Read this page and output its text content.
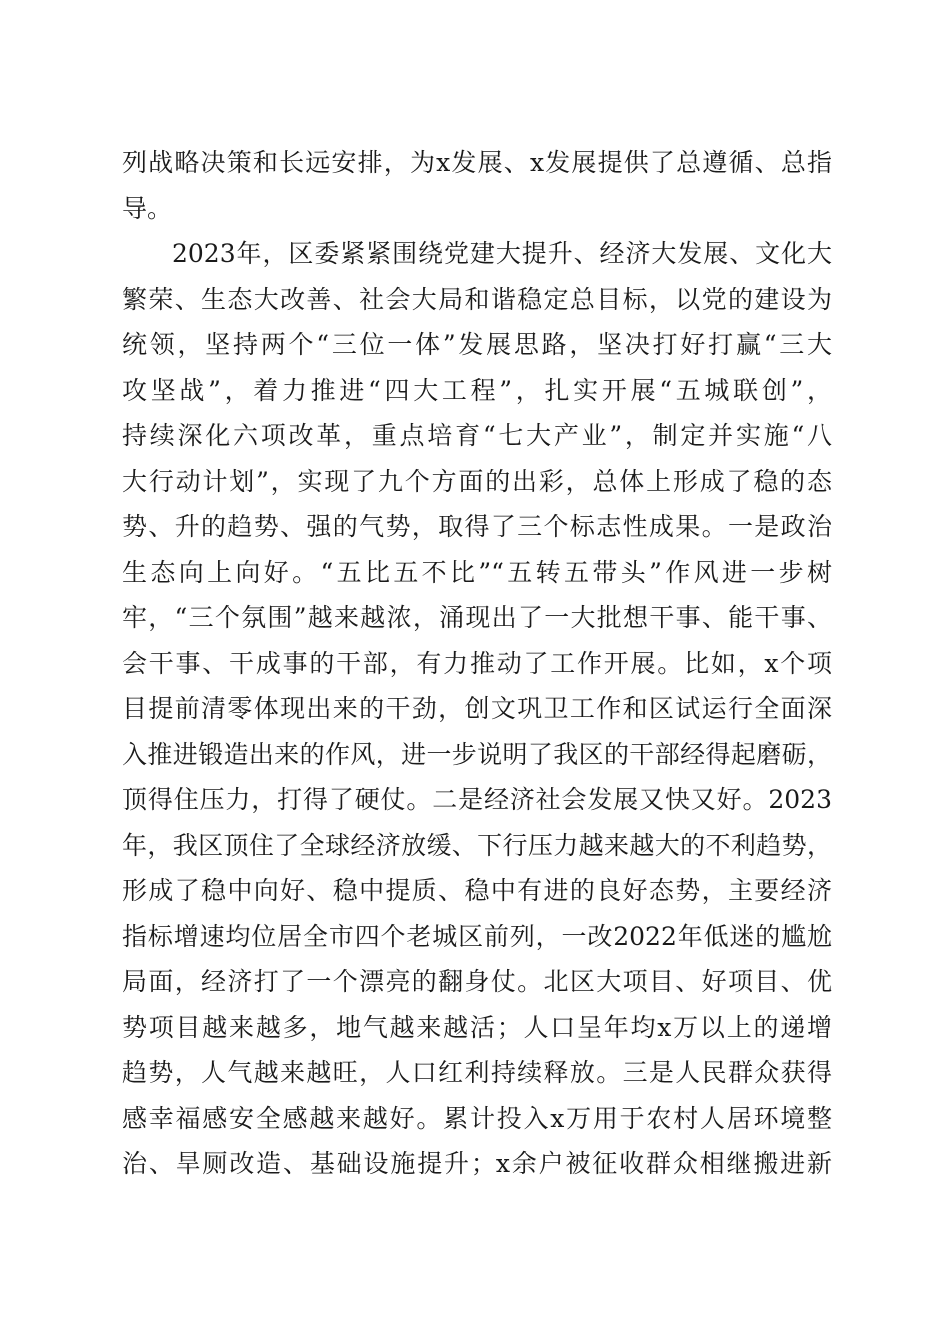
列战略决策和长远安排，为x发展、x发展提供了总遵循、总指
导。
2023年，区委紧紧围绕党建大提升、经济大发展、文化大
繁荣、生态大改善、社会大局和谐稳定总目标，以党的建设为
统领，坚持两个“三位一体”发展思路，坚决打好打赢“三大
攻坚战”，着力推进“四大工程”，扎实开展“五城联创”，
持续深化六项改革，重点培育“七大产业”，制定并实施“八
大行动计划”，实现了九个方面的出彩，总体上形成了稳的态
势、升的趋势、强的气势，取得了三个标志性成果。一是政治
生态向上向好。“五比五不比”“五转五带头”作风进一步树
牢，“三个氛围”越来越浓，涌现出了一大批想干事、能干事、
会干事、干成事的干部，有力推动了工作开展。比如，x个项
目提前清零体现出来的干劲，创文巩卫工作和区试运行全面深
入推进锻造出来的作风，进一步说明了我区的干部经得起磨砺，
顶得住压力，打得了硬仗。二是经济社会发展又快又好。2023
年，我区顶住了全球经济放缓、下行压力越来越大的不利趋势，
形成了稳中向好、稳中提质、稳中有进的良好态势，主要经济
指标增速均位居全市四个老城区前列，一改2022年低迷的尴尬
局面，经济打了一个漂亮的翻身仗。北区大项目、好项目、优
势项目越来越多，地气越来越活；人口呈年均x万以上的递增
趋势，人气越来越旺，人口红利持续释放。三是人民群众获得
感幸福感安全感越来越好。累计投入x万用于农村人居环境整
治、旱厕改造、基础设施提升；x余户被征收群众相继搬进新
